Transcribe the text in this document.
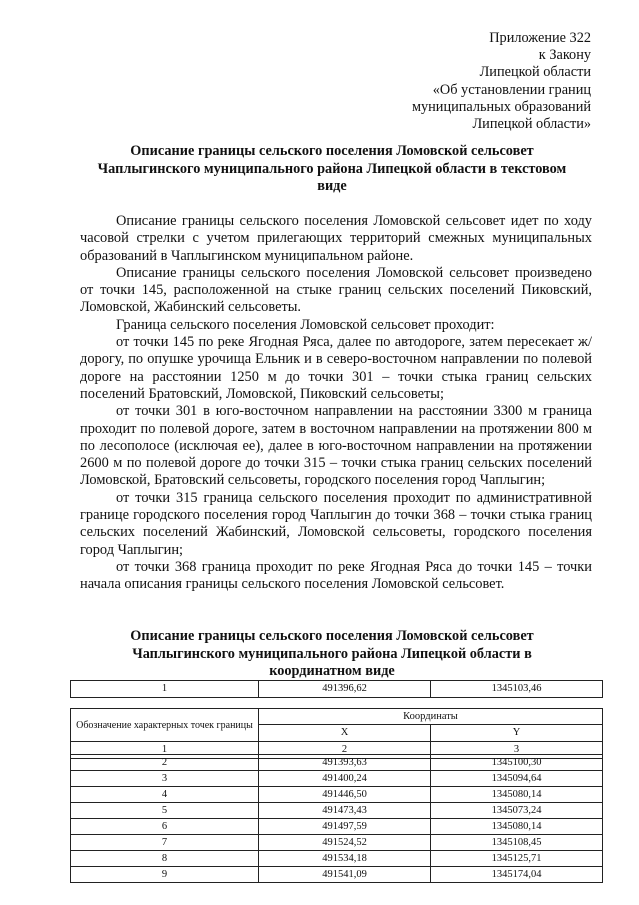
Приложение 322
к Закону
Липецкой области
«Об установлении границ
муниципальных образований
Липецкой области»
Описание границы сельского поселения Ломовской сельсовет
Чаплыгинского муниципального района Липецкой области в текстовом
виде

Описание границы сельского поселения Ломовской сельсовет идет по ходу часовой стрелки с учетом прилегающих территорий смежных муниципальных образований в Чаплыгинском муниципальном районе.

Описание границы сельского поселения Ломовской сельсовет произведено от точки 145, расположенной на стыке границ сельских поселений Пиковский, Ломовской, Жабинский сельсоветы.

Граница сельского поселения Ломовской сельсовет проходит:

от точки 145 по реке Ягодная Ряса, далее по автодороге, затем пересекает ж/дорогу, по опушке урочища Ельник и в северо-восточном направлении по полевой дороге на расстоянии 1250 м до точки 301 – точки стыка границ сельских поселений Братовский, Ломовской, Пиковский сельсоветы;

от точки 301 в юго-восточном направлении на расстоянии 3300 м граница проходит по полевой дороге, затем в восточном направлении на протяжении 800 м по лесополосе (исключая ее), далее в юго-восточном направлении на протяжении 2600 м по полевой дороге до точки 315 – точки стыка границ сельских поселений Ломовской, Братовский сельсоветы, городского поселения город Чаплыгин;

от точки 315 граница сельского поселения проходит по административной границе городского поселения город Чаплыгин до точки 368 – точки стыка границ сельских поселений Жабинский, Ломовской сельсоветы, городского поселения город Чаплыгин;

от точки 368 граница проходит по реке Ягодная Ряса до точки 145 – точки начала описания границы сельского поселения Ломовской сельсовет.

Описание границы сельского поселения Ломовской сельсовет
Чаплыгинского муниципального района Липецкой области в
координатном виде
1	491396,62	1345103,46
Обозначение характерных точек границы	Координаты	
	X	Y
1	2	3
2	491393,63	1345100,30
3	491400,24	1345094,64
4	491446,50	1345080,14
5	491473,43	1345073,24
6	491497,59	1345080,14
7	491524,52	1345108,45
8	491534,18	1345125,71
9	491541,09	1345174,04
